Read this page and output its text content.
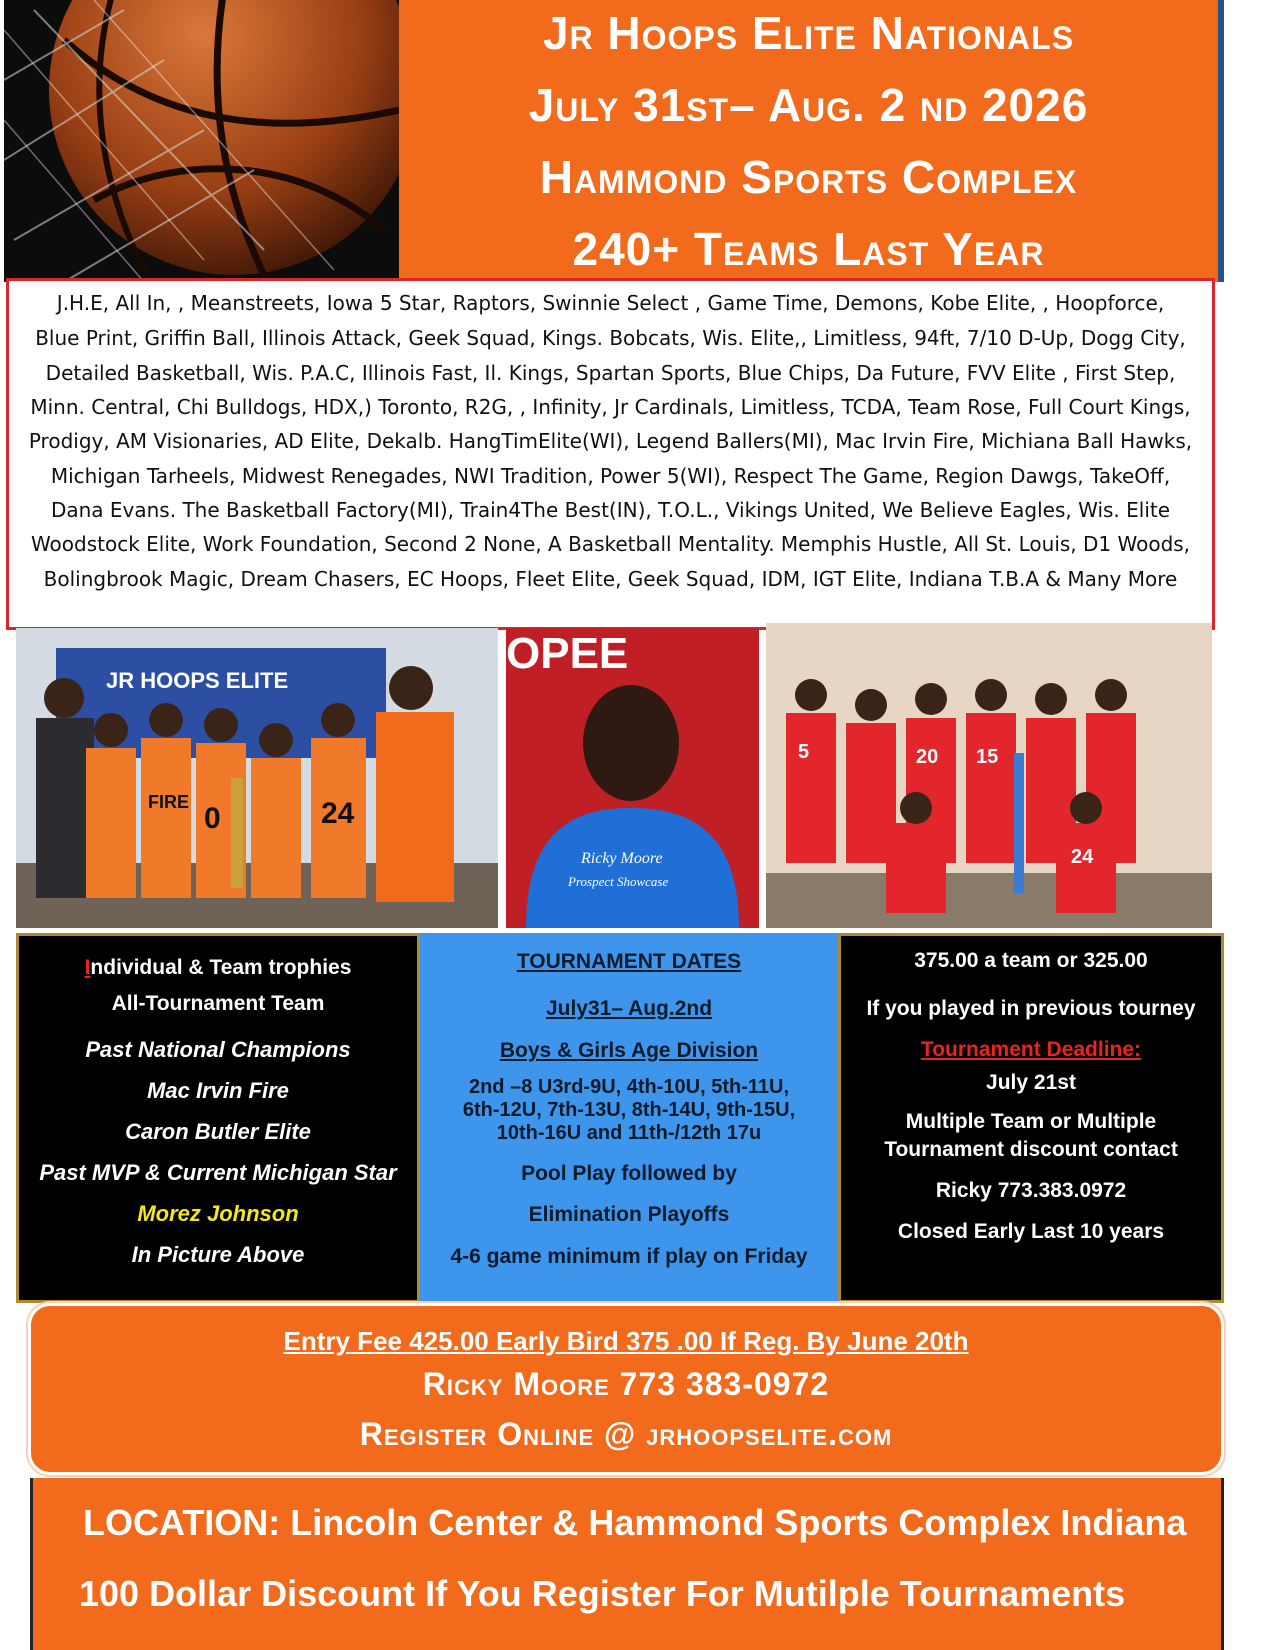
Jr Hoops Elite Nationals
July 31st– Aug. 2 nd 2026
Hammond Sports Complex
240+ Teams Last Year
J.H.E, All In, , Meanstreets, Iowa 5 Star, Raptors, Swinnie Select , Game Time, Demons, Kobe Elite, , Hoopforce,
Blue Print, Griffin Ball, Illinois Attack, Geek Squad, Kings. Bobcats, Wis. Elite,, Limitless, 94ft, 7/10 D-Up, Dogg City,
Detailed Basketball, Wis. P.A.C, Illinois Fast, Il. Kings, Spartan Sports, Blue Chips, Da Future, FVV Elite , First Step,
Minn. Central, Chi Bulldogs, HDX,) Toronto, R2G, , Infinity, Jr Cardinals, Limitless, TCDA, Team Rose, Full Court Kings,
Prodigy, AM Visionaries, AD Elite, Dekalb. HangTimElite(WI), Legend Ballers(MI), Mac Irvin Fire, Michiana Ball Hawks,
Michigan Tarheels, Midwest Renegades, NWI Tradition, Power 5(WI), Respect The Game, Region Dawgs, TakeOff,
Dana Evans. The Basketball Factory(MI), Train4The Best(IN), T.O.L., Vikings United, We Believe Eagles, Wis. Elite
Woodstock Elite, Work Foundation, Second 2 None, A Basketball Mentality. Memphis Hustle, All St. Louis, D1 Woods,
Bolingbrook Magic, Dream Chasers, EC Hoops, Fleet Elite, Geek Squad, IDM, IGT Elite, Indiana T.B.A & Many More
JR HOOPS ELITE
FIRE 0	24
OPEE
Ricky Moore
Prospect Showcase
5	20 15
24
Individual & Team trophies
All-Tournament Team
Past National Champions
Mac Irvin Fire
Caron Butler Elite
Past MVP & Current Michigan Star
Morez Johnson
In Picture Above
TOURNAMENT DATES
July31– Aug.2nd
Boys & Girls Age Division
2nd –8 U3rd-9U, 4th-10U, 5th-11U,
6th-12U, 7th-13U, 8th-14U, 9th-15U,
10th-16U and 11th-/12th 17u
Pool Play followed by
Elimination Playoffs
4-6 game minimum if play on Friday
375.00 a team or 325.00
If you played in previous tourney
Tournament Deadline:
July 21st
Multiple Team or Multiple
Tournament discount contact
Ricky 773.383.0972
Closed Early Last 10 years
Entry Fee 425.00 Early Bird 375 .00 If Reg. By June 20th
Ricky Moore 773 383-0972
Register Online @ jrhoopselite.com
LOCATION: Lincoln Center & Hammond Sports Complex Indiana
100 Dollar Discount If You Register For Mutilple Tournaments
